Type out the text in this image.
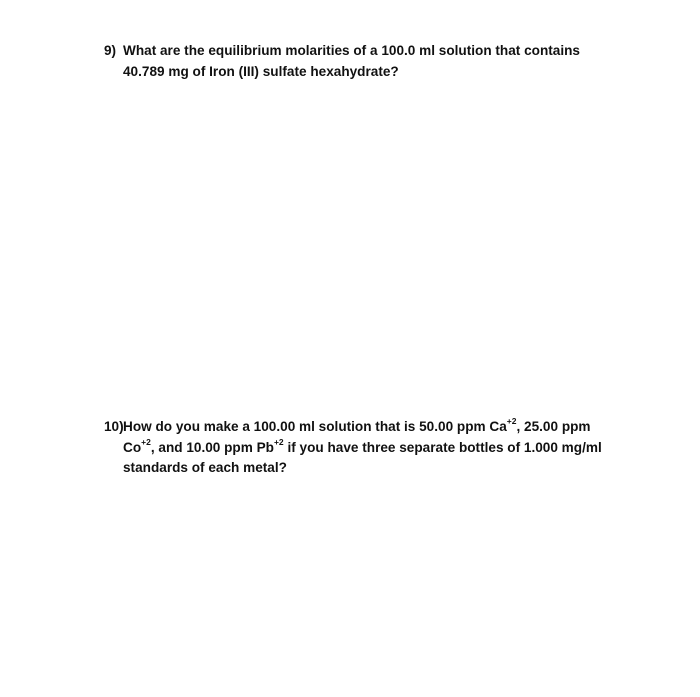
9) What are the equilibrium molarities of a 100.0 ml solution that contains
40.789 mg of Iron (III) sulfate hexahydrate?
10)How do you make a 100.00 ml solution that is 50.00 ppm $Ca^{+2}$, 25.00 ppm
$Co^{+2}$, and 10.00 ppm $Pb^{+2}$ if you have three separate bottles of 1.000 mg/ml
standards of each metal?
